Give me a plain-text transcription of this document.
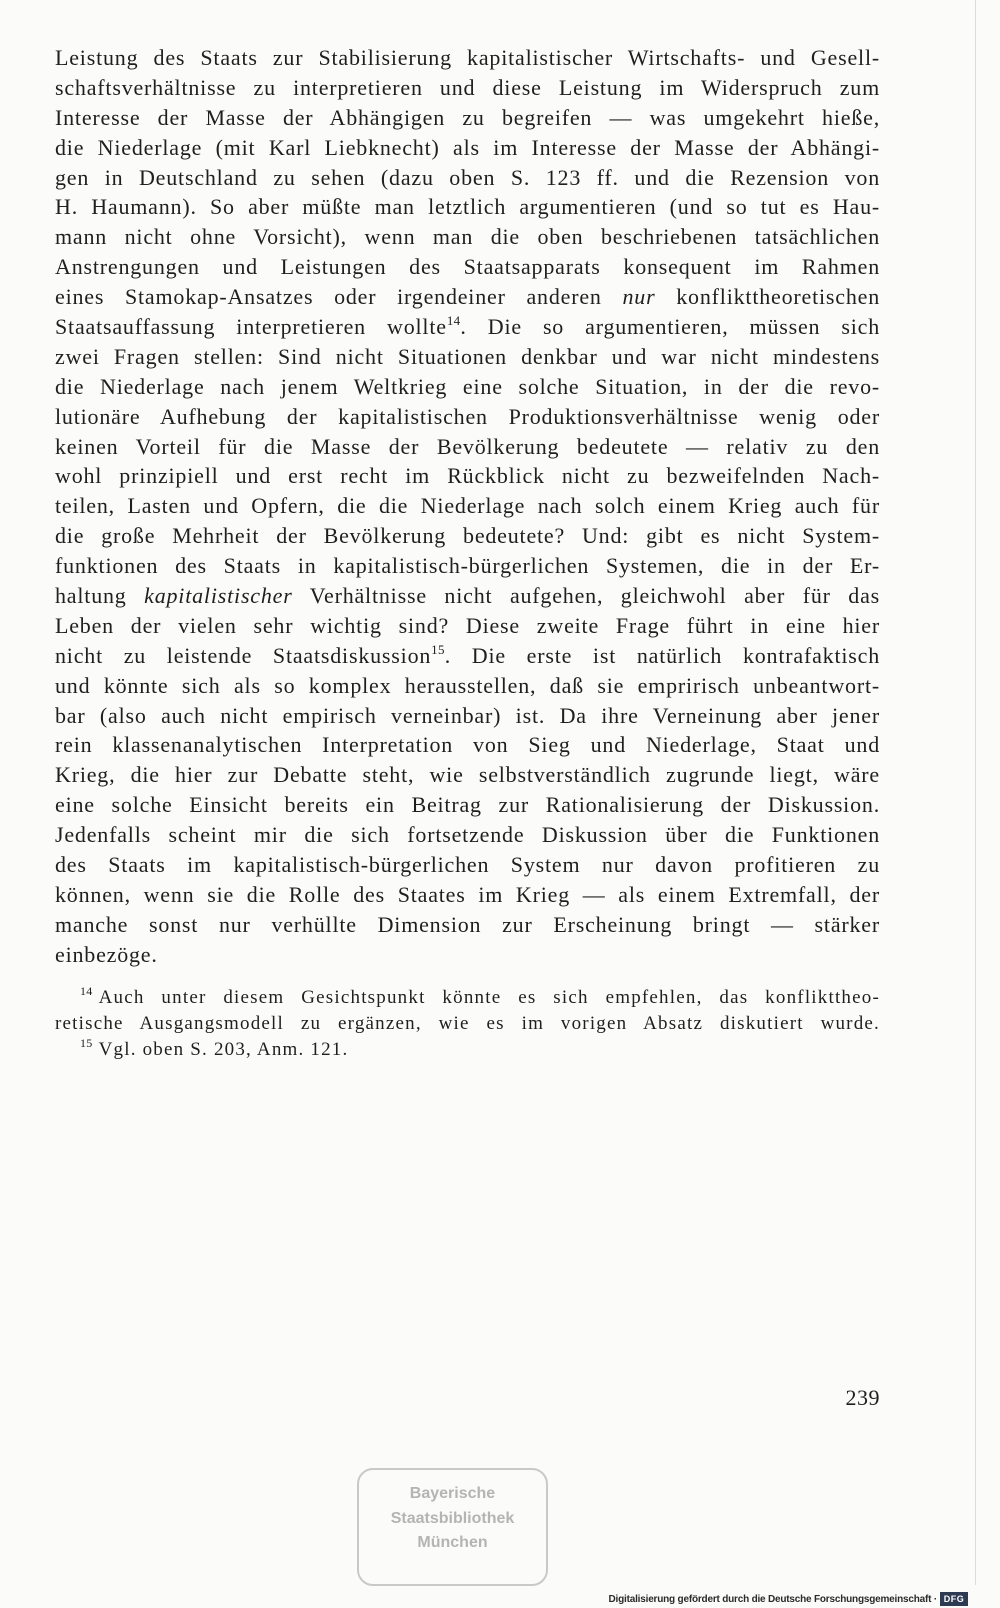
Leistung des Staats zur Stabilisierung kapitalistischer Wirtschafts- und Gesell-
schaftsverhältnisse zu interpretieren und diese Leistung im Widerspruch zum
Interesse der Masse der Abhängigen zu begreifen — was umgekehrt hieße,
die Niederlage (mit Karl Liebknecht) als im Interesse der Masse der Abhängi-
gen in Deutschland zu sehen (dazu oben S. 123 ff. und die Rezension von
H. Haumann). So aber müßte man letztlich argumentieren (und so tut es Hau-
mann nicht ohne Vorsicht), wenn man die oben beschriebenen tatsächlichen
Anstrengungen und Leistungen des Staatsapparats konsequent im Rahmen
eines Stamokap-Ansatzes oder irgendeiner anderen nur konflikttheoretischen
Staatsauffassung interpretieren wollte$^{14}$. Die so argumentieren, müssen sich
zwei Fragen stellen: Sind nicht Situationen denkbar und war nicht mindestens
die Niederlage nach jenem Weltkrieg eine solche Situation, in der die revo-
lutionäre Aufhebung der kapitalistischen Produktionsverhältnisse wenig oder
keinen Vorteil für die Masse der Bevölkerung bedeutete — relativ zu den
wohl prinzipiell und erst recht im Rückblick nicht zu bezweifelnden Nach-
teilen, Lasten und Opfern, die die Niederlage nach solch einem Krieg auch für
die große Mehrheit der Bevölkerung bedeutete? Und: gibt es nicht System-
funktionen des Staats in kapitalistisch-bürgerlichen Systemen, die in der Er-
haltung kapitalistischer Verhältnisse nicht aufgehen, gleichwohl aber für das
Leben der vielen sehr wichtig sind? Diese zweite Frage führt in eine hier
nicht zu leistende Staatsdiskussion$^{15}$. Die erste ist natürlich kontrafaktisch
und könnte sich als so komplex herausstellen, daß sie empririsch unbeantwort-
bar (also auch nicht empirisch verneinbar) ist. Da ihre Verneinung aber jener
rein klassenanalytischen Interpretation von Sieg und Niederlage, Staat und
Krieg, die hier zur Debatte steht, wie selbstverständlich zugrunde liegt, wäre
eine solche Einsicht bereits ein Beitrag zur Rationalisierung der Diskussion.
Jedenfalls scheint mir die sich fortsetzende Diskussion über die Funktionen
des Staats im kapitalistisch-bürgerlichen System nur davon profitieren zu
können, wenn sie die Rolle des Staates im Krieg — als einem Extremfall, der
manche sonst nur verhüllte Dimension zur Erscheinung bringt — stärker
einbezöge.
$^{14}$ Auch unter diesem Gesichtspunkt könnte es sich empfehlen, das konflikttheo-
retische Ausgangsmodell zu ergänzen, wie es im vorigen Absatz diskutiert wurde.
$^{15}$ Vgl. oben S. 203, Anm. 121.
239
Bayerische
Staatsbibliothek
München
Digitalisierung gefördert durch die Deutsche Forschungsgemeinschaft · DFG
